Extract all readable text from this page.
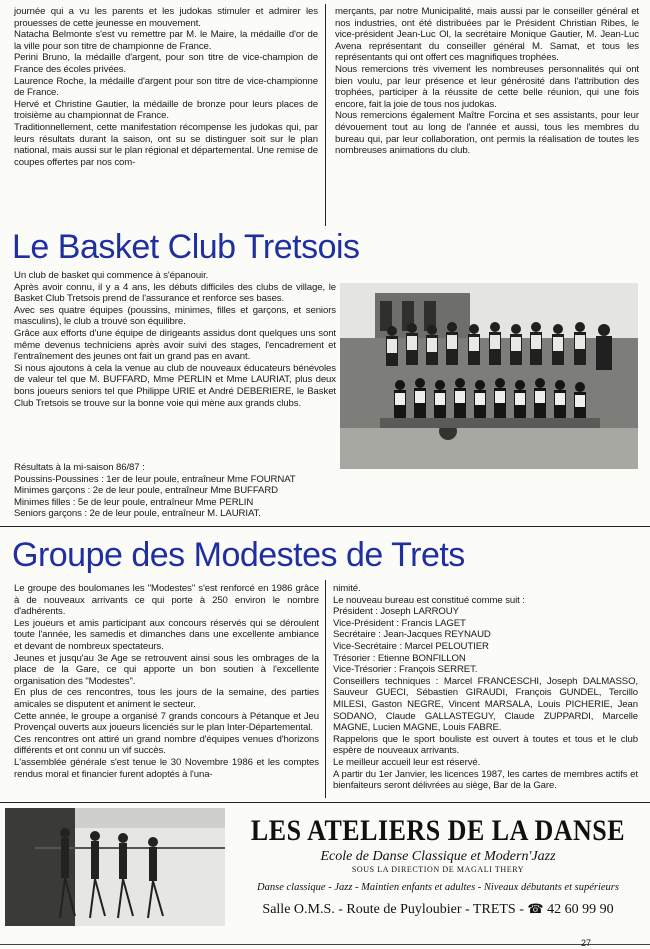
journée qui a vu les parents et les judokas stimuler et admirer les prouesses de cette jeunesse en mouvement.

Natacha Belmonte s'est vu remettre par M. le Maire, la médaille d'or de la ville pour son titre de championne de France.

Perini Bruno, la médaille d'argent, pour son titre de vice-champion de France des écoles privées.

Laurence Roche, la médaille d'argent pour son titre de vice-championne de France.

Hervé et Christine Gautier, la médaille de bronze pour leurs places de troisième au championnat de France.

Traditionnellement, cette manifestation récompense les judokas qui, par leurs résultats durant la saison, ont su se distinguer soit sur le plan national, mais aussi sur le plan régional et départemental. Une remise de coupes offertes par nos com-

merçants, par notre Municipalité, mais aussi par le conseiller général et nos industries, ont été distribuées par le Président Christian Ribes, le vice-président Jean-Luc Ol, la secrétaire Monique Gautier, M. Jean-Luc Avena représentant du conseiller général M. Samat, et tous les représentants qui ont offert ces magnifiques trophées.

Nous remercions très vivement les nombreuses personnalités qui ont bien voulu, par leur présence et leur générosité dans l'attribution des trophées, participer à la réussite de cette belle réunion, qui une fois encore, fait la joie de tous nos judokas.

Nous remercions également Maître Forcina et ses assistants, pour leur dévouement tout au long de l'année et aussi, tous les membres du bureau qui, par leur collaboration, ont permis la réalisation de toutes les nombreuses animations du club.

Le Basket Club Tretsois

Un club de basket qui commence à s'épanouir.

Après avoir connu, il y a 4 ans, les débuts difficiles des clubs de village, le Basket Club Tretsois prend de l'assurance et renforce ses bases.

Avec ses quatre équipes (poussins, minimes, filles et garçons, et seniors masculins), le club a trouvé son équilibre.

Grâce aux efforts d'une équipe de dirigeants assidus dont quelques uns sont même devenus techniciens après avoir suivi des stages, l'encadrement et l'entraînement des jeunes ont fait un grand pas en avant.

Si nous ajoutons à cela la venue au club de nouveaux éducateurs bénévoles de valeur tel que M. BUFFARD, Mme PERLIN et Mme LAURIAT, plus deux bons joueurs seniors tel que Philippe URIE et André DEBERIERE, le Basket Club Tretsois se trouve sur la bonne voie qui mène aux grands clubs.

Résultats à la mi-saison 86/87 :

Poussins-Poussines : 1er de leur poule, entraîneur Mme FOURNAT

Minimes garçons : 2e de leur poule, entraîneur Mme BUFFARD

Minimes filles : 5e de leur poule, entraîneur Mme PERLIN

Seniors garçons : 2e de leur poule, entraîneur M. LAURIAT.

Groupe des Modestes de Trets

Le groupe des boulomanes les "Modestes" s'est renforcé en 1986 grâce à de nouveaux arrivants ce qui porte à 250 environ le nombre d'adhérents.

Les joueurs et amis participant aux concours réservés qui se déroulent toute l'année, les samedis et dimanches dans une excellente ambiance et devant de nombreux spectateurs.

Jeunes et jusqu'au 3e Age se retrouvent ainsi sous les ombrages de la place de la Gare, ce qui apporte un bon soutien à l'excellente organisation des "Modestes".

En plus de ces rencontres, tous les jours de la semaine, des parties amicales se disputent et animent le secteur.

Cette année, le groupe a organisé 7 grands concours à Pétanque et Jeu Provençal ouverts aux joueurs licenciés sur le plan Inter-Départemental.

Ces rencontres ont attiré un grand nombre d'équipes venues d'horizons différents et ont connu un vif succès.

L'assemblée générale s'est tenue le 30 Novembre 1986 et les comptes rendus moral et financier furent adoptés à l'una-

nimité.

Le nouveau bureau est constitué comme suit :

Président : Joseph LARROUY

Vice-Président : Francis LAGET

Secrétaire : Jean-Jacques REYNAUD

Vice-Secrétaire : Marcel PELOUTIER

Trésorier : Etienne BONFILLON

Vice-Trésorier : François SERRET.

Conseillers techniques : Marcel FRANCESCHI, Joseph DALMASSO, Sauveur GUECI, Sébastien GIRAUDI, François GUNDEL, Tercillo MILESI, Gaston NEGRE, Vincent MARSALA, Louis PICHERIE, Jean SODANO, Claude GALLASTEGUY, Claude ZUPPARDI, Marcelle MAGNE, Lucien MAGNE, Louis FABRE.

Rappelons que le sport bouliste est ouvert à toutes et tous et le club espère de nouveaux arrivants.

Le meilleur accueil leur est réservé.

A partir du 1er Janvier, les licences 1987, les cartes de membres actifs et bienfaiteurs seront délivrées au siège, Bar de la Gare.

LES ATELIERS DE LA DANSE
Ecole de Danse Classique et Modern'Jazz
SOUS LA DIRECTION DE MAGALI THERY
Danse classique - Jazz - Maintien enfants et adultes - Niveaux débutants et supérieurs
Salle O.M.S. - Route de Puyloubier - TRETS - ☎ 42 60 99 90
27
